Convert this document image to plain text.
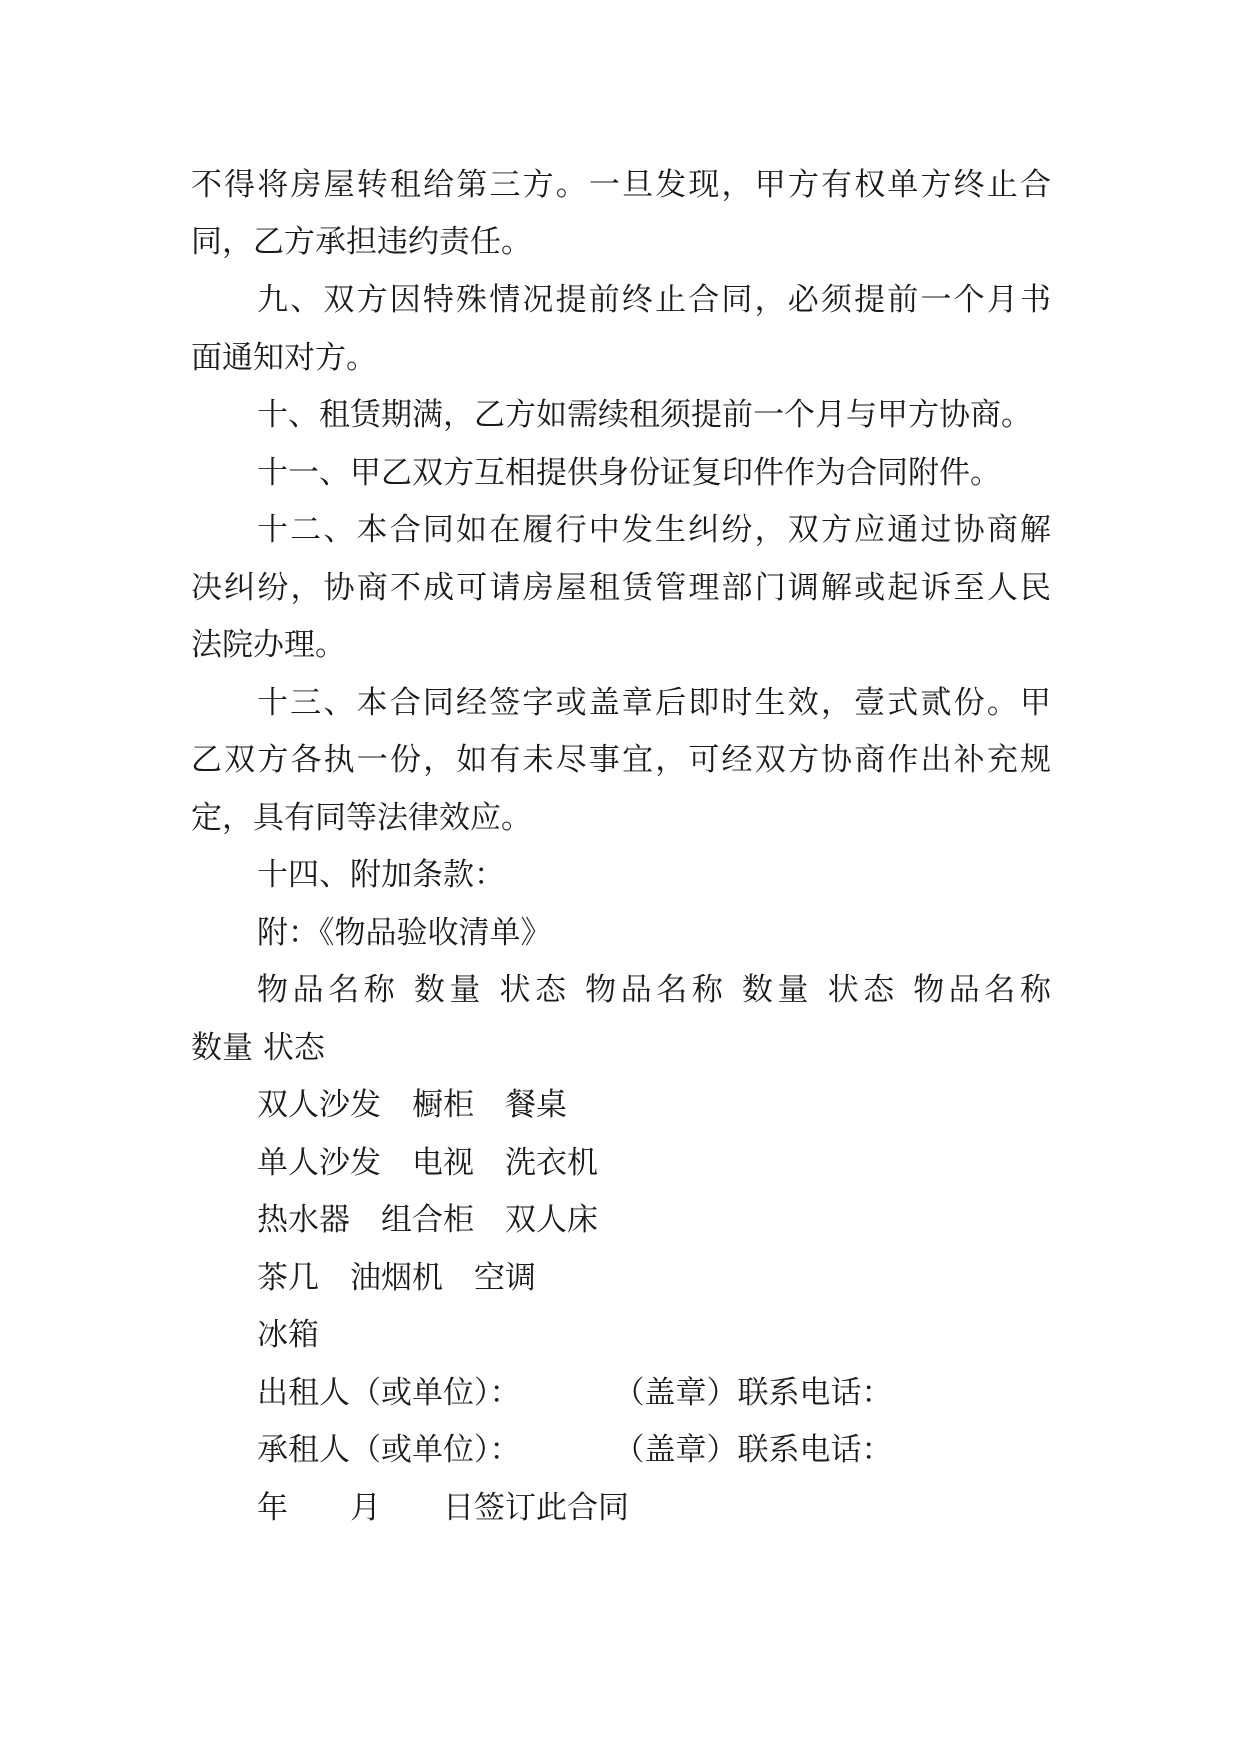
不得将房屋转租给第三方。一旦发现，甲方有权单方终止合
同，乙方承担违约责任。
九、双方因特殊情况提前终止合同，必须提前一个月书
面通知对方。
十、租赁期满，乙方如需续租须提前一个月与甲方协商。
十一、甲乙双方互相提供身份证复印件作为合同附件。
十二、本合同如在履行中发生纠纷，双方应通过协商解
决纠纷，协商不成可请房屋租赁管理部门调解或起诉至人民
法院办理。
十三、本合同经签字或盖章后即时生效，壹式贰份。甲
乙双方各执一份，如有未尽事宜，可经双方协商作出补充规
定，具有同等法律效应。
十四、附加条款：
附：《物品验收清单》
物品名称 数量 状态 物品名称 数量 状态 物品名称
数量 状态
双人沙发　橱柜　餐桌
单人沙发　电视　洗衣机
热水器　组合柜　双人床
茶几　油烟机　空调
冰箱
出租人（或单位）：　　　　（盖章）联系电话：
承租人（或单位）：　　　　（盖章）联系电话：
年　　月　　日签订此合同
